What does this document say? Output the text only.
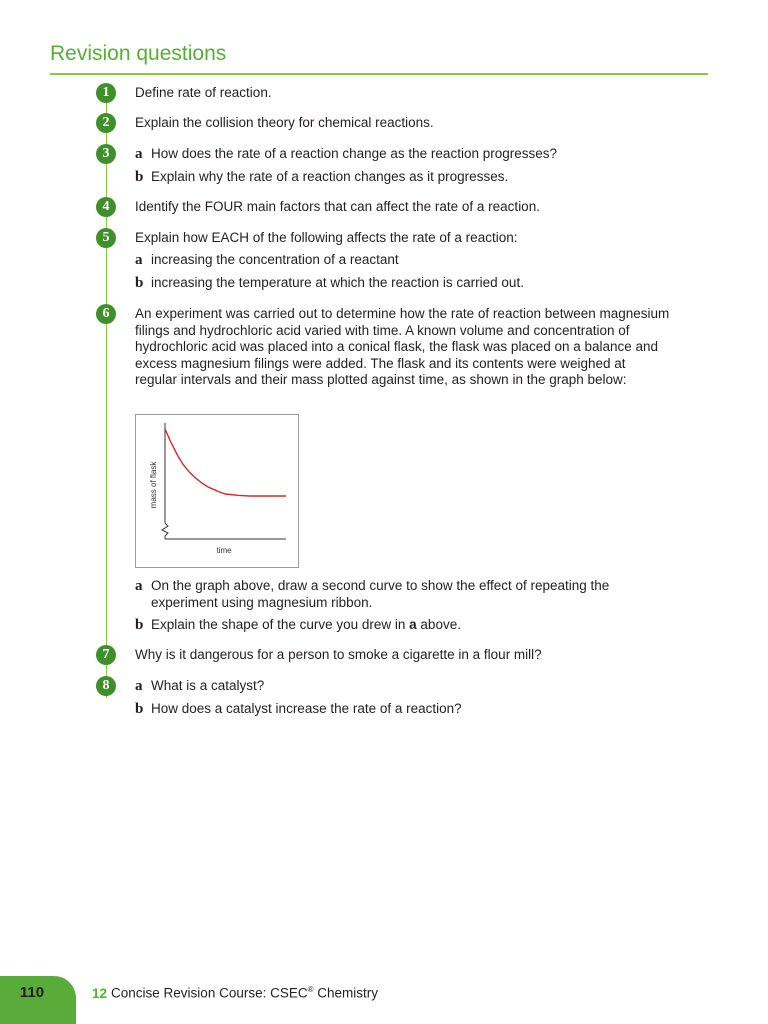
Revision questions
1	Define rate of reaction.

2	Explain the collision theory for chemical reactions.

3	a How does the rate of a reaction change as the reaction progresses?
b Explain why the rate of a reaction changes as it progresses.
4	Identify the FOUR main factors that can affect the rate of a reaction.

5	Explain how EACH of the following affects the rate of a reaction:

a increasing the concentration of a reactant
b increasing the temperature at which the reaction is carried out.
6	An experiment was carried out to determine how the rate of reaction between magnesium filings and hydrochloric acid varied with time. A known volume and concentration of hydrochloric acid was placed into a conical flask, the flask was placed on a balance and excess magnesium filings were added. The flask and its contents were weighed at regular intervals and their mass plotted against time, as shown in the graph below:

time
mass of flask
a On the graph above, draw a second curve to show the effect of repeating the experiment using magnesium ribbon.
b Explain the shape of the curve you drew in a above.
7	Why is it dangerous for a person to smoke a cigarette in a flour mill?

8	a What is a catalyst?
b How does a catalyst increase the rate of a reaction?
110	12 Concise Revision Course: CSEC® Chemistry
